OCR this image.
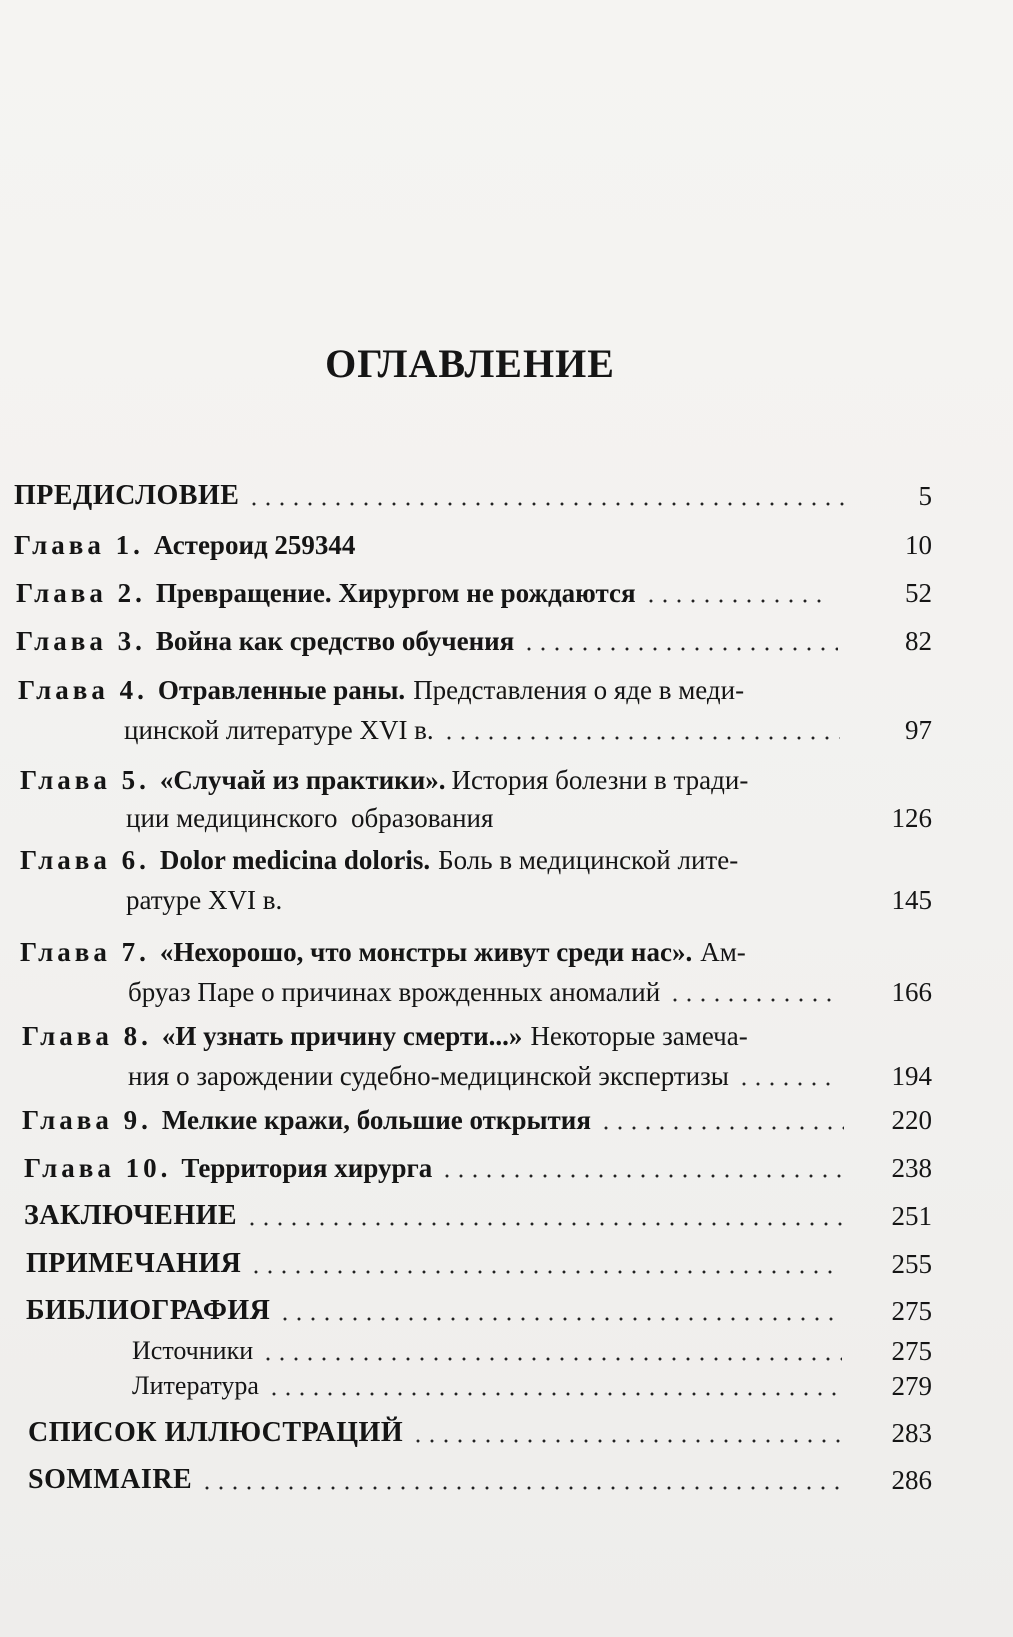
ОГЛАВЛЕНИЕ
ПРЕДИСЛОВИЕ	5
Глава 1. Астероид 259344	10
Глава 2. Превращение. Хирургом не рождаются	52
Глава 3. Война как средство обучения	82
Глава 4. Отравленные раны. Представления о яде в меди-
цинской литературе XVI в.	97
Глава 5. «Случай из практики». История болезни в тради-
ции медицинского  образования	126
Глава 6. Dolor medicina doloris. Боль в медицинской лите-
ратуре XVI в.	145
Глава 7. «Нехорошо, что монстры живут среди нас». Ам-
бруаз Паре о причинах врожденных аномалий	166
Глава 8. «И узнать причину смерти...» Некоторые замеча-
ния о зарождении судебно-медицинской экспертизы	194
Глава 9. Мелкие кражи, большие открытия	220
Глава 10. Территория хирурга	238
ЗАКЛЮЧЕНИЕ	251
ПРИМЕЧАНИЯ	255
БИБЛИОГРАФИЯ	275
Источники	275
Литература	279
СПИСОК ИЛЛЮСТРАЦИЙ	283
SOMMAIRE	286
